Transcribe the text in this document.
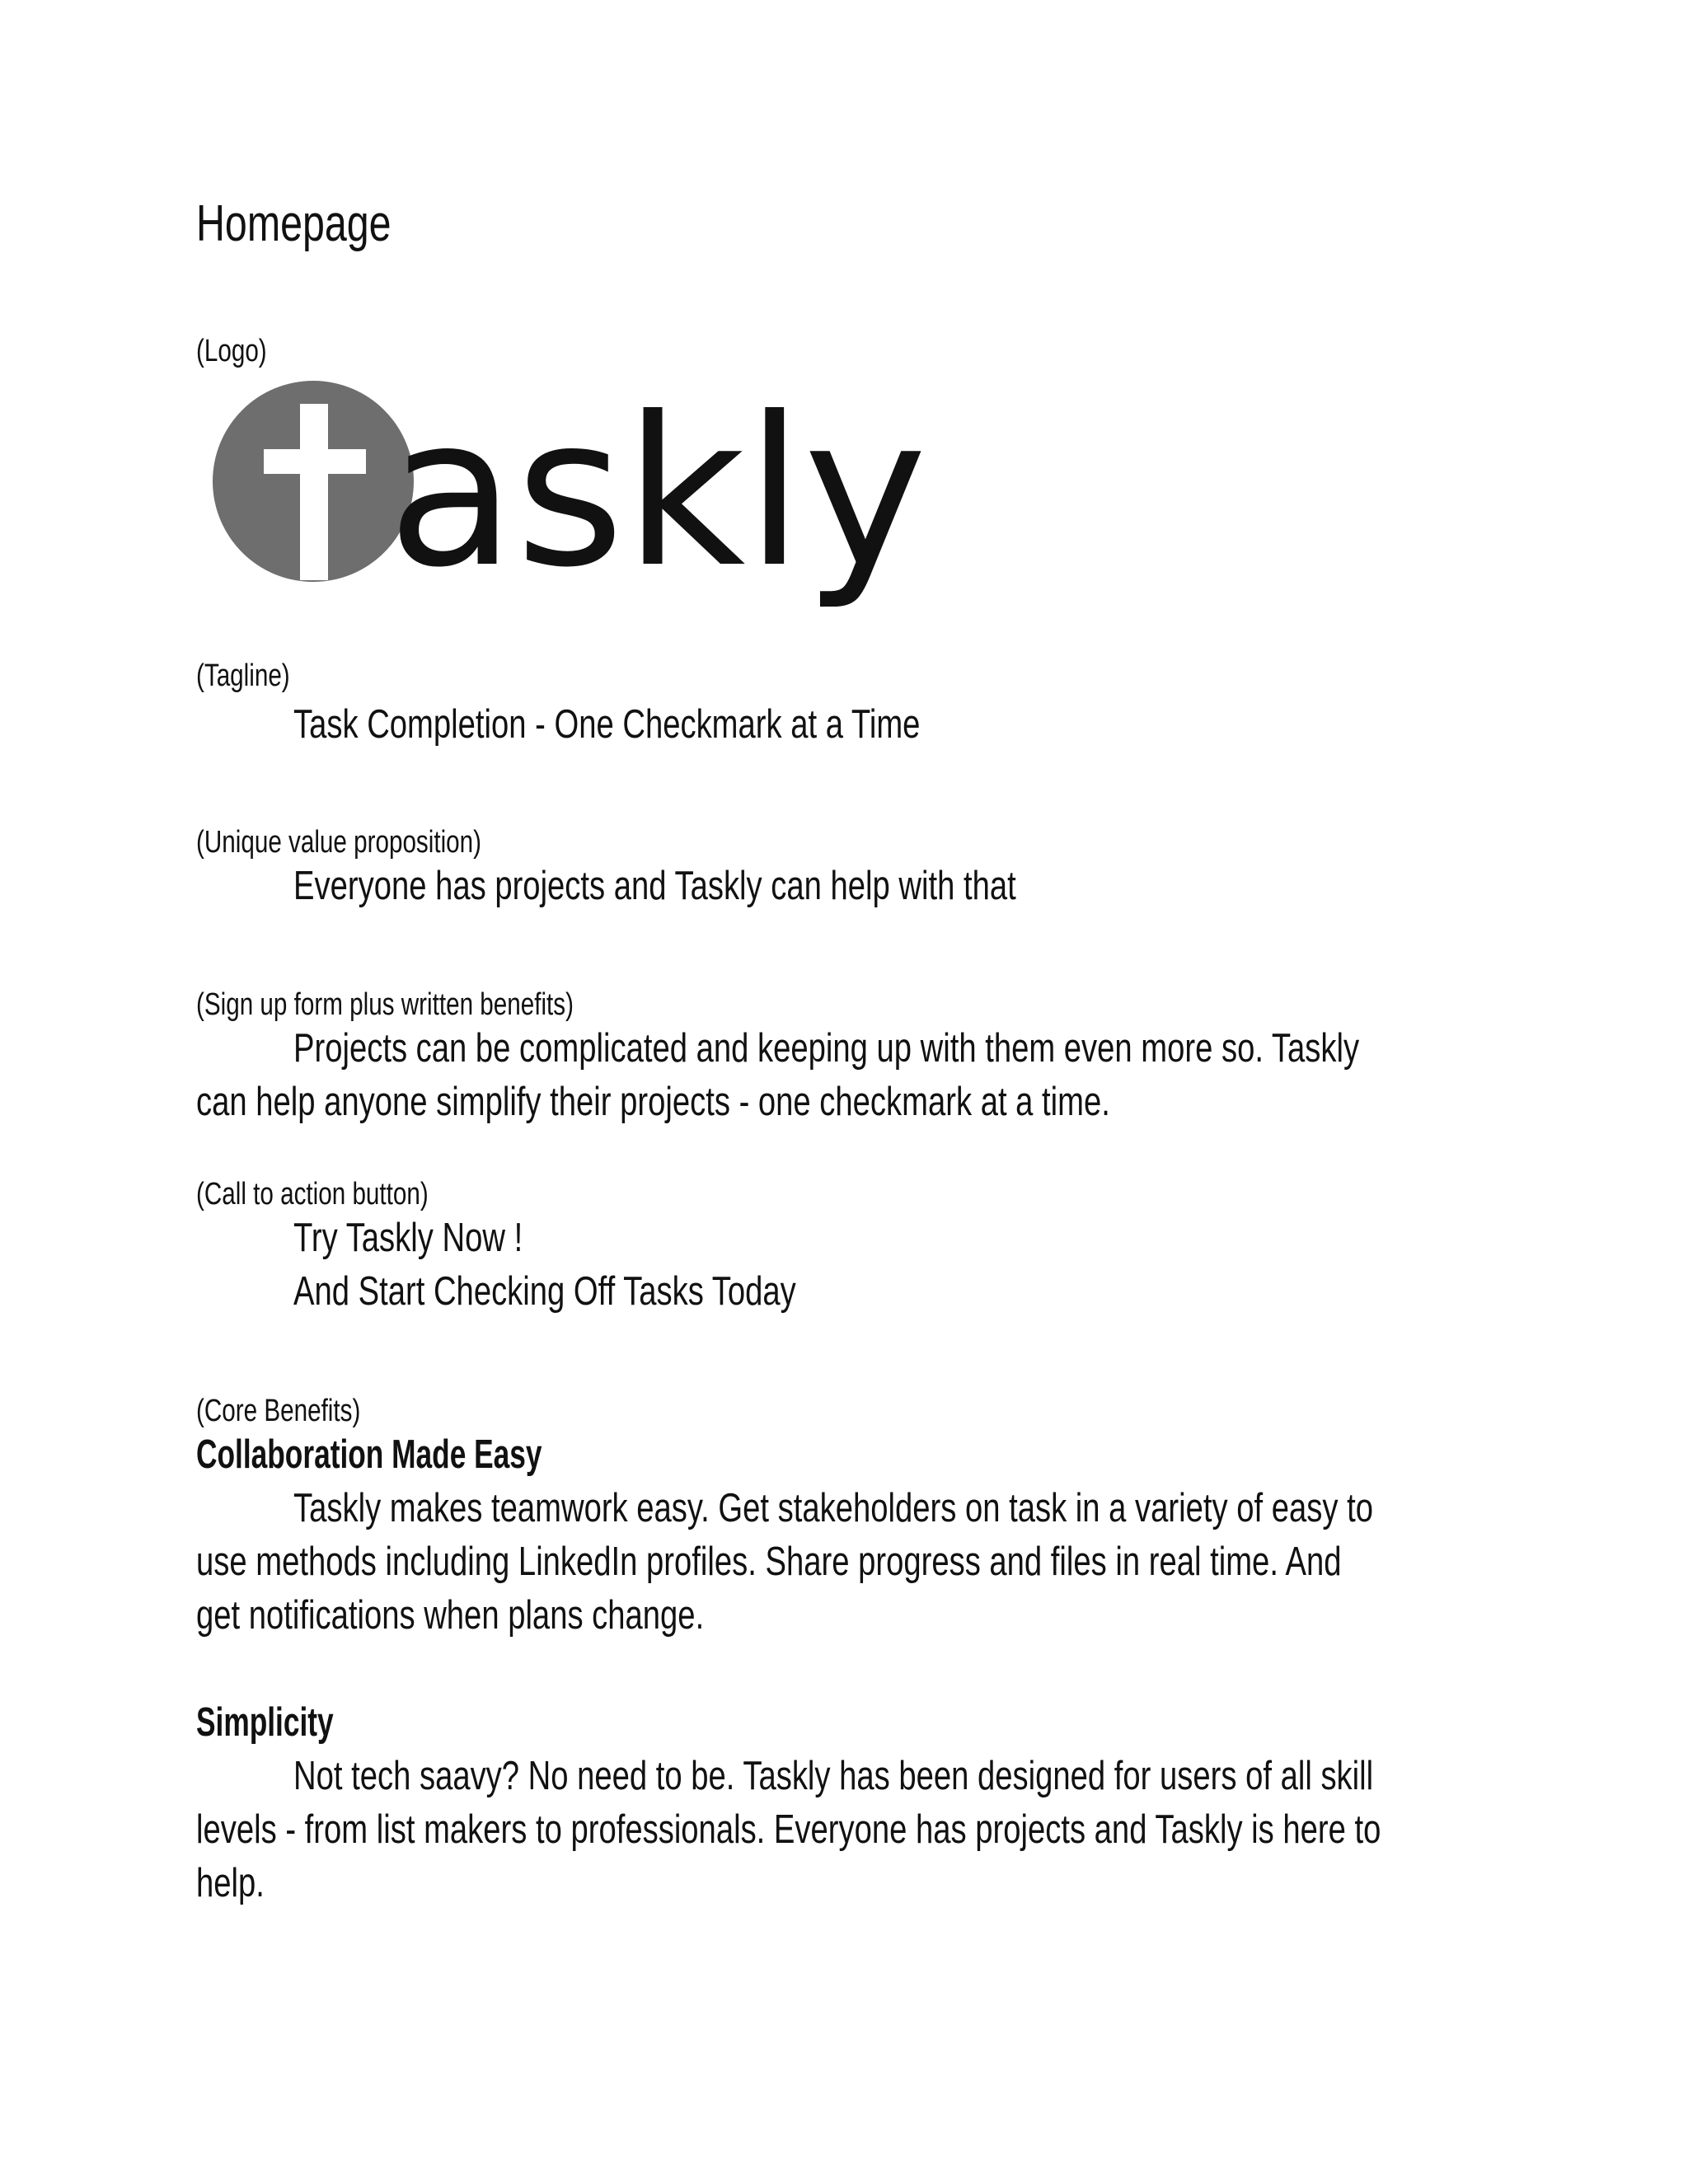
Homepage
(Logo)
askly
(Tagline)
Task Completion - One Checkmark at a Time
(Unique value proposition)
Everyone has projects and Taskly can help with that
(Sign up form plus written benefits)
Projects can be complicated and keeping up with them even more so. Taskly
can help anyone simplify their projects - one checkmark at a time.
(Call to action button)
Try Taskly Now !
And Start Checking Off Tasks Today
(Core Benefits)
Collaboration Made Easy
Taskly makes teamwork easy. Get stakeholders on task in a variety of easy to
use methods including LinkedIn profiles. Share progress and files in real time. And
get notifications when plans change.
Simplicity
Not tech saavy? No need to be. Taskly has been designed for users of all skill
levels - from list makers to professionals. Everyone has projects and Taskly is here to
help.
